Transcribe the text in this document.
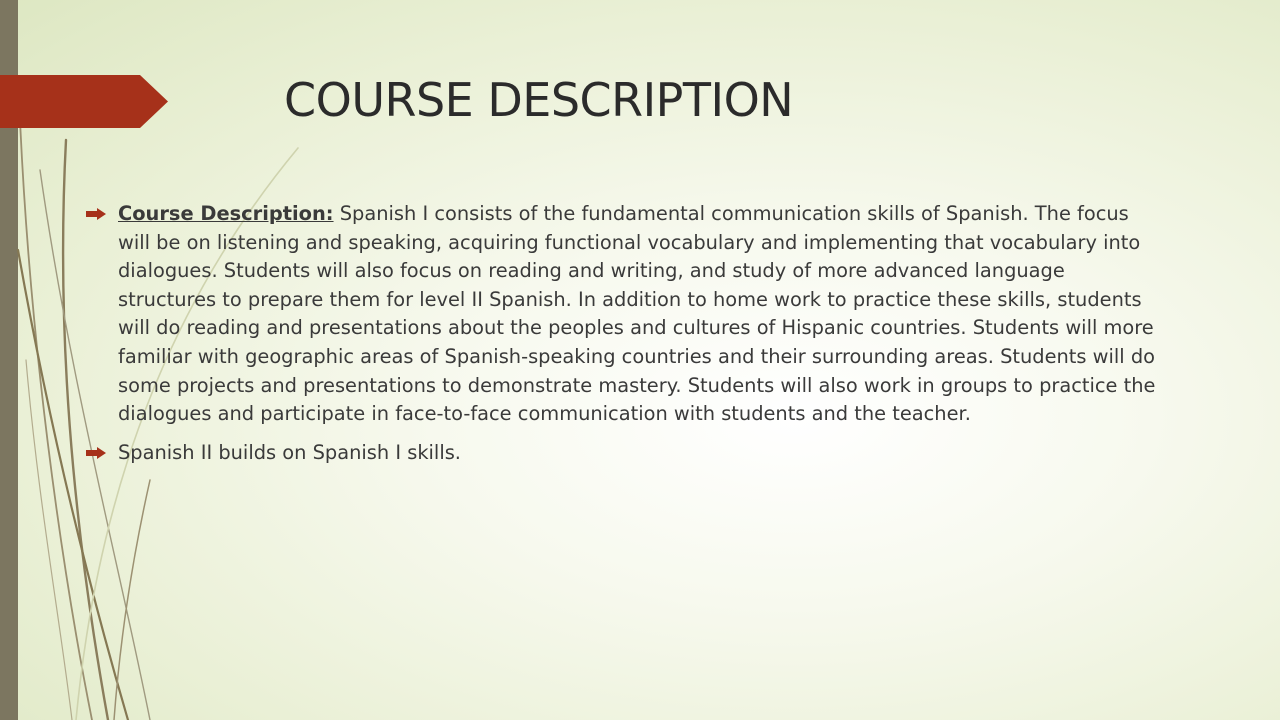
COURSE DESCRIPTION
Course Description: Spanish I consists of the fundamental communication skills of Spanish. The focus will be on listening and speaking, acquiring functional vocabulary and implementing that vocabulary into dialogues. Students will also focus on reading and writing, and study of more advanced language structures to prepare them for level II Spanish. In addition to home work to practice these skills, students will do reading and presentations about the peoples and cultures of Hispanic countries. Students will more familiar with geographic areas of Spanish-speaking countries and their surrounding areas. Students will do some projects and presentations to demonstrate mastery. Students will also work in groups to practice the dialogues and participate in face-to-face communication with students and the teacher.
Spanish II builds on Spanish I skills.
